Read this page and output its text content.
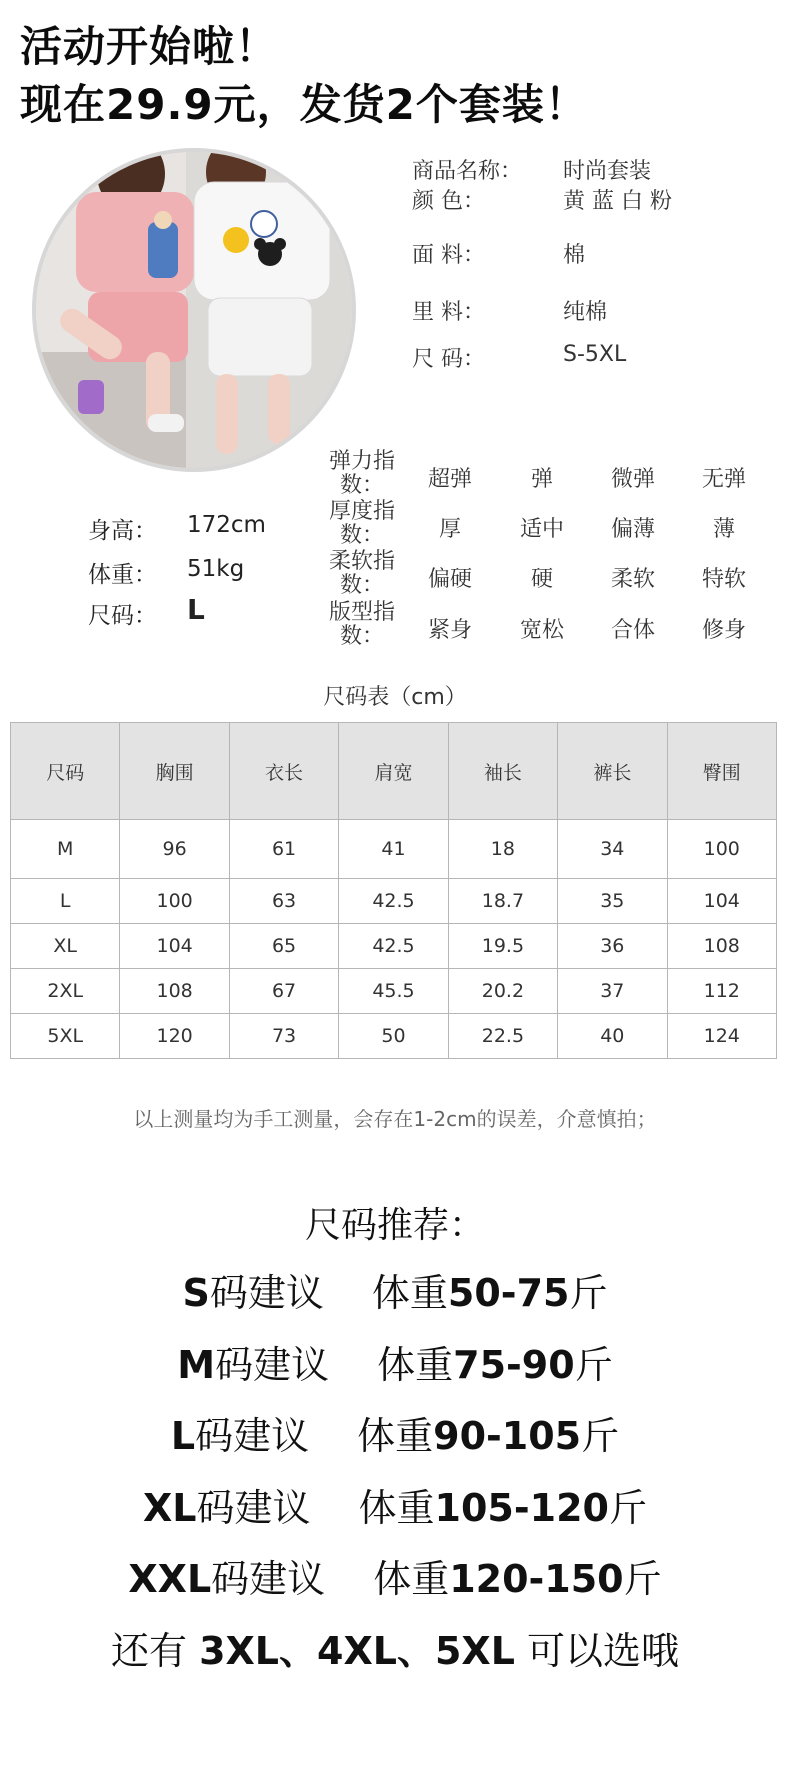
活动开始啦！
现在29.9元，发货2个套装！
商品名称： 时尚套装
颜 色：	黄 蓝 白 粉
面 料：	棉
里 料：	纯棉
尺 码：	S-5XL
身高： 172cm
体重： 51kg
尺码： L
弹力指数：	超弹	弹	微弹	无弹
厚度指数：	厚	适中	偏薄	薄
柔软指数：	偏硬	硬	柔软	特软
版型指数：	紧身	宽松	合体	修身
尺码表（cm）
尺码	胸围	衣长	肩宽	袖长	裤长	臀围
M	96	61	41	18	34	100
L	100	63	42.5	18.7	35	104
XL	104	65	42.5	19.5	36	108
2XL	108	67	45.5	20.2	37	112
5XL	120	73	50	22.5	40	124
以上测量均为手工测量，会存在1-2cm的误差，介意慎拍；
尺码推荐：
S码建议 体重50-75斤
M码建议 体重75-90斤
L码建议 体重90-105斤
XL码建议 体重105-120斤
XXL码建议 体重120-150斤
还有 3XL、4XL、5XL 可以选哦
